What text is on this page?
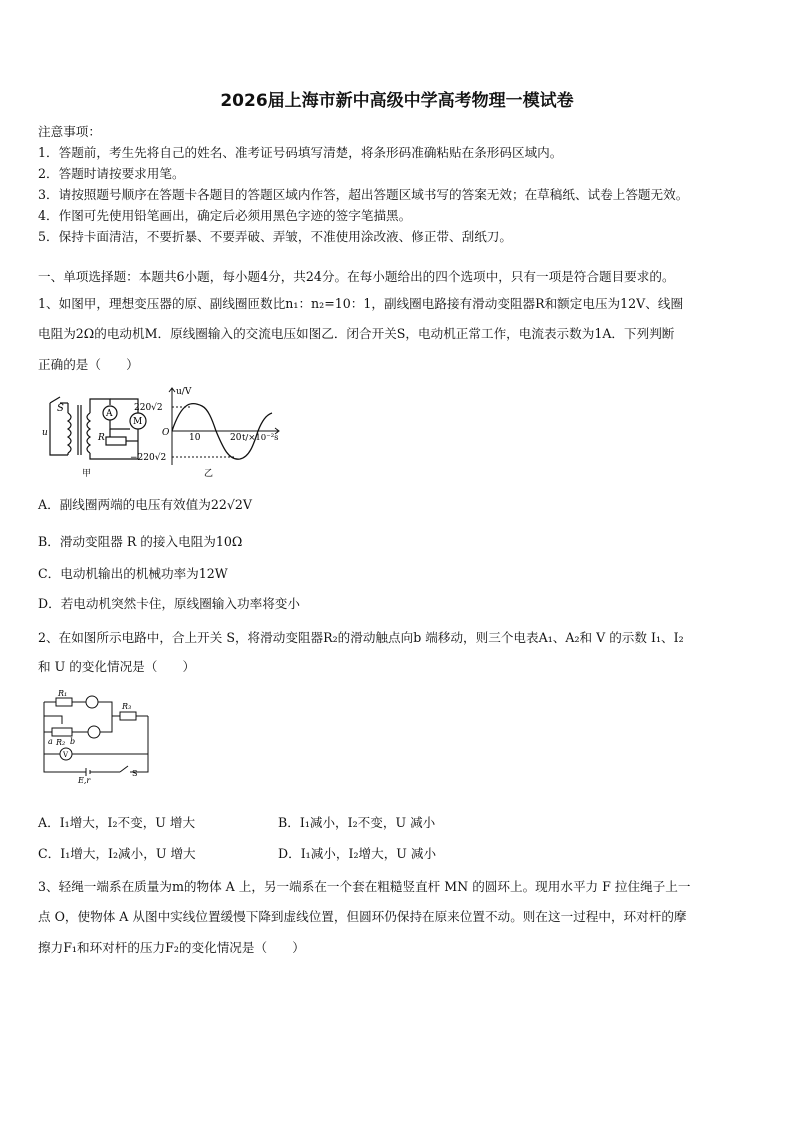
2026届上海市新中高级中学高考物理一模试卷
注意事项：
1．答题前，考生先将自己的姓名、准考证号码填写清楚，将条形码准确粘贴在条形码区域内。
2．答题时请按要求用笔。
3．请按照题号顺序在答题卡各题目的答题区域内作答，超出答题区域书写的答案无效；在草稿纸、试卷上答题无效。
4．作图可先使用铅笔画出，确定后必须用黑色字迹的签字笔描黑。
5．保持卡面清洁，不要折暴、不要弄破、弄皱，不准使用涂改液、修正带、刮纸刀。
一、单项选择题：本题共6小题，每小题4分，共24分。在每小题给出的四个选项中，只有一项是符合题目要求的。
1、如图甲，理想变压器的原、副线圈匝数比n₁：n₂=10：1，副线圈电路接有滑动变阻器R和额定电压为12V、线圈
电阻为2Ω的电动机M．原线圈输入的交流电压如图乙．闭合开关S，电动机正常工作，电流表示数为1A．下列判断
正确的是（　　）
S
u
A
M
R
甲
220√2
−220√2
O
u/V
10	20 t/×10⁻²s
乙
A．副线圈两端的电压有效值为22√2V
B．滑动变阻器 R 的接入电阻为10Ω
C．电动机输出的机械功率为12W
D．若电动机突然卡住，原线圈输入功率将变小
2、在如图所示电路中，合上开关 S，将滑动变阻器R₂的滑动触点向b 端移动，则三个电表A₁、A₂和 V 的示数 I₁、I₂
和 U 的变化情况是（　　）
R₁
R₃
R₂
a b
V
S
E,r
A．I₁增大，I₂不变，U 增大	B．I₁减小，I₂不变，U 减小
C．I₁增大，I₂减小，U 增大	D．I₁减小，I₂增大，U 减小
3、轻绳一端系在质量为m的物体 A 上，另一端系在一个套在粗糙竖直杆 MN 的圆环上。现用水平力 F 拉住绳子上一
点 O，使物体 A 从图中实线位置缓慢下降到虚线位置，但圆环仍保持在原来位置不动。则在这一过程中，环对杆的摩
擦力F₁和环对杆的压力F₂的变化情况是（　　）
